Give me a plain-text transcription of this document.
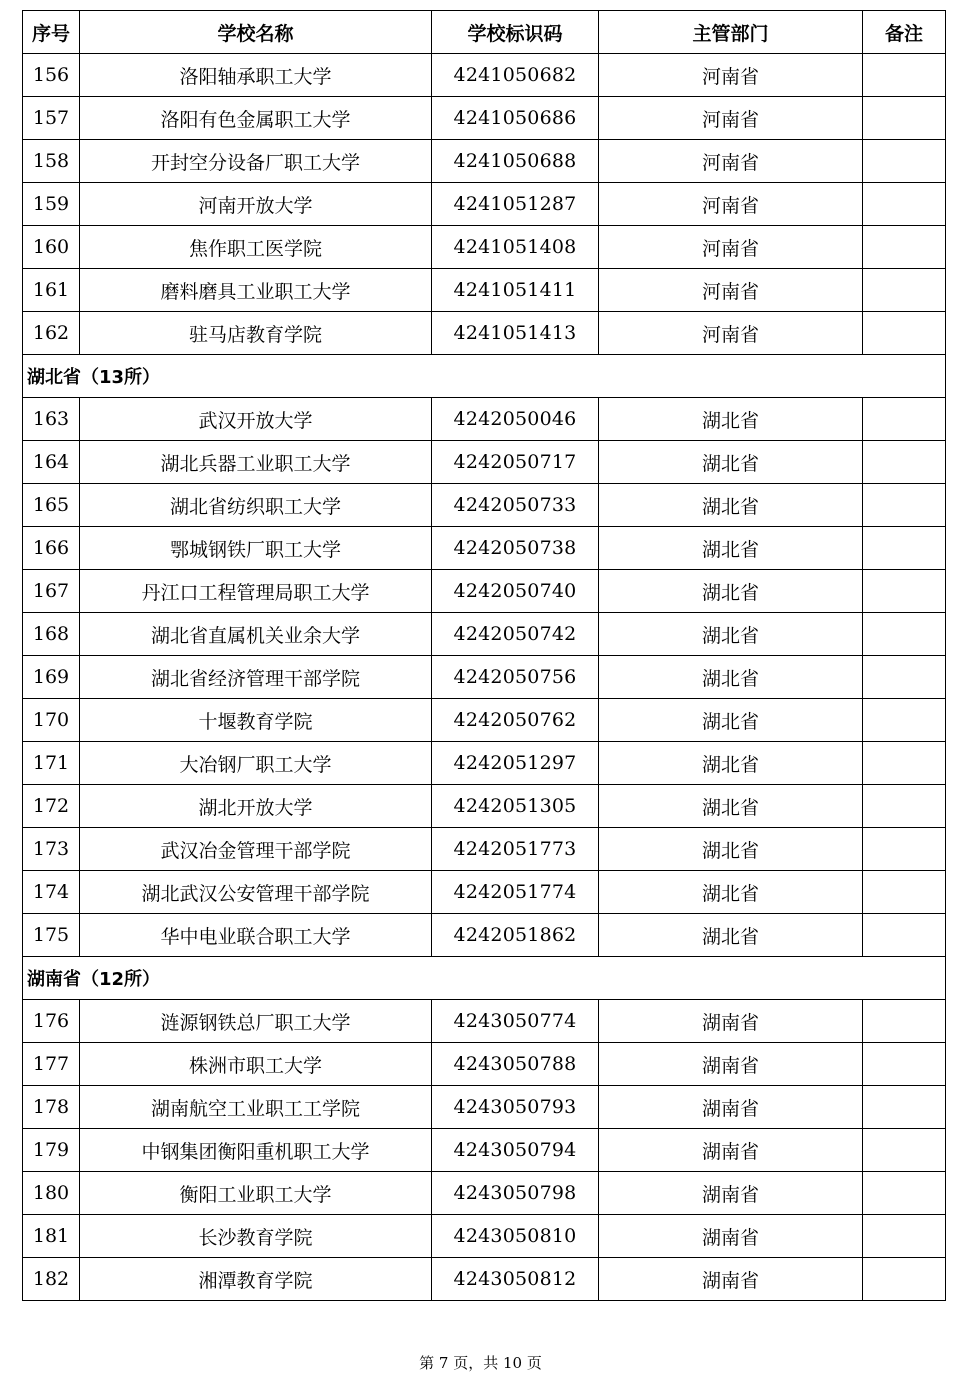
序号	学校名称	学校标识码	主管部门	备注
156	洛阳轴承职工大学	4241050682	河南省	
157	洛阳有色金属职工大学	4241050686	河南省	
158	开封空分设备厂职工大学	4241050688	河南省	
159	河南开放大学	4241051287	河南省	
160	焦作职工医学院	4241051408	河南省	
161	磨料磨具工业职工大学	4241051411	河南省	
162	驻马店教育学院	4241051413	河南省	
湖北省（13所）				
163	武汉开放大学	4242050046	湖北省	
164	湖北兵器工业职工大学	4242050717	湖北省	
165	湖北省纺织职工大学	4242050733	湖北省	
166	鄂城钢铁厂职工大学	4242050738	湖北省	
167	丹江口工程管理局职工大学	4242050740	湖北省	
168	湖北省直属机关业余大学	4242050742	湖北省	
169	湖北省经济管理干部学院	4242050756	湖北省	
170	十堰教育学院	4242050762	湖北省	
171	大冶钢厂职工大学	4242051297	湖北省	
172	湖北开放大学	4242051305	湖北省	
173	武汉冶金管理干部学院	4242051773	湖北省	
174	湖北武汉公安管理干部学院	4242051774	湖北省	
175	华中电业联合职工大学	4242051862	湖北省	
湖南省（12所）				
176	涟源钢铁总厂职工大学	4243050774	湖南省	
177	株洲市职工大学	4243050788	湖南省	
178	湖南航空工业职工工学院	4243050793	湖南省	
179	中钢集团衡阳重机职工大学	4243050794	湖南省	
180	衡阳工业职工大学	4243050798	湖南省	
181	长沙教育学院	4243050810	湖南省	
182	湘潭教育学院	4243050812	湖南省	
第 7 页，共 10 页
